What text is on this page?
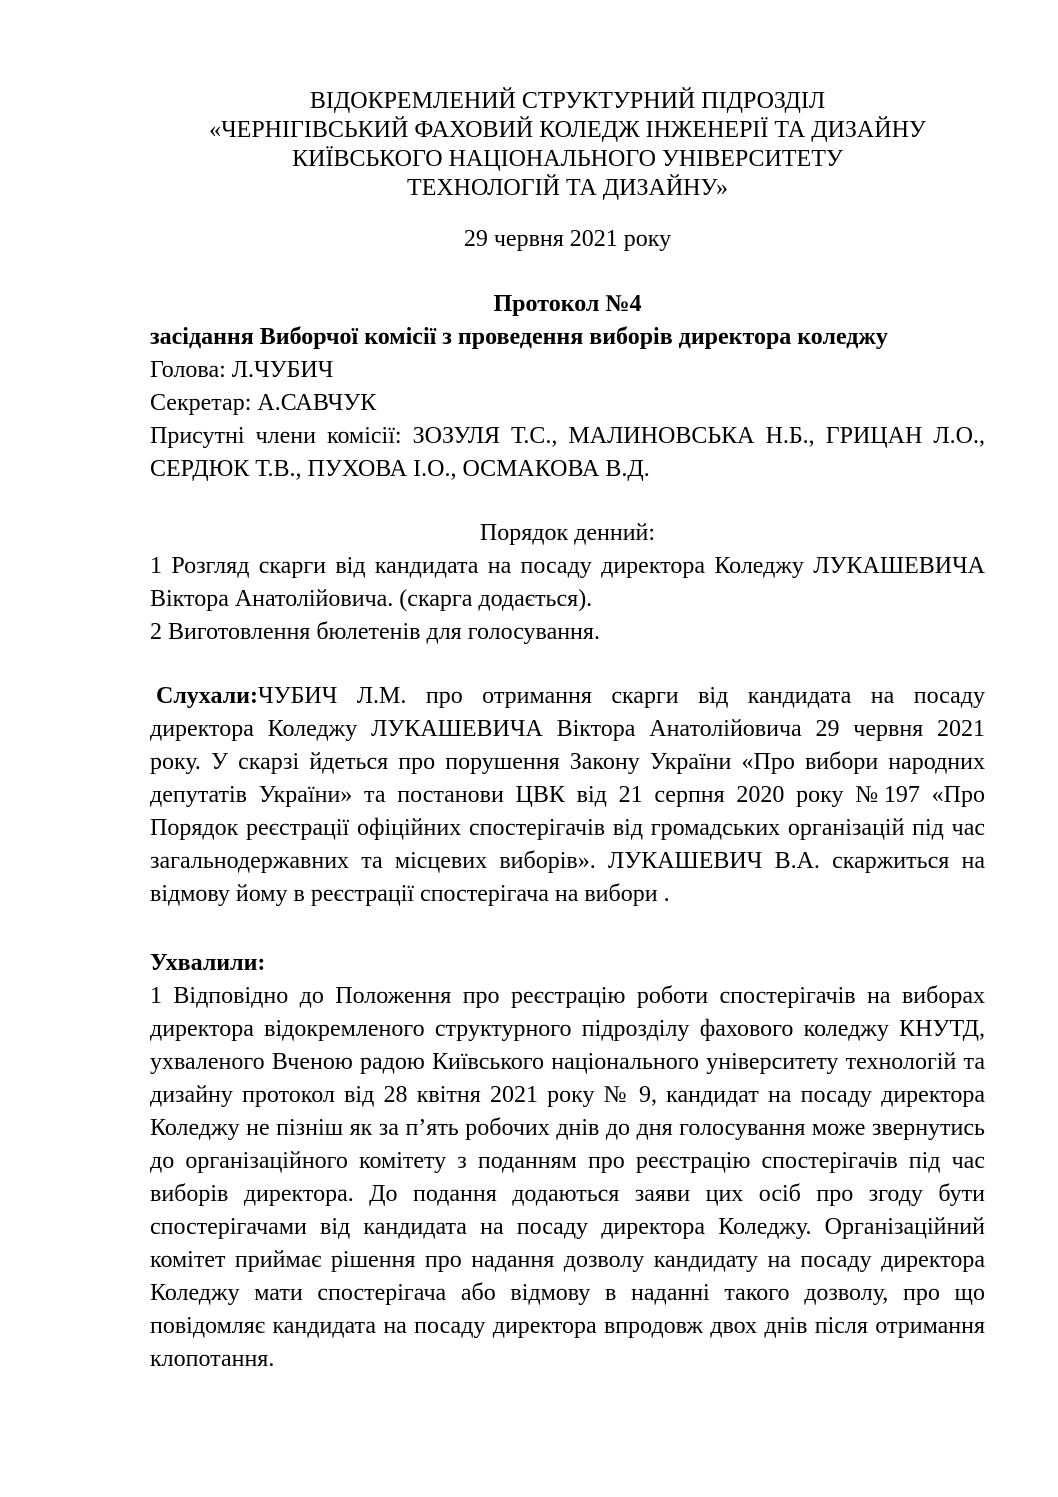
ВІДОКРЕМЛЕНИЙ СТРУКТУРНИЙ ПІДРОЗДІЛ
«ЧЕРНІГІВСЬКИЙ ФАХОВИЙ КОЛЕДЖ ІНЖЕНЕРІЇ ТА ДИЗАЙНУ
КИЇВСЬКОГО НАЦІОНАЛЬНОГО УНІВЕРСИТЕТУ
ТЕХНОЛОГІЙ ТА ДИЗАЙНУ»
29 червня 2021 року
Протокол №4
засідання Виборчої комісії з проведення виборів директора коледжу

Голова: Л.ЧУБИЧ

Секретар: А.САВЧУК

Присутні члени комісії: ЗОЗУЛЯ Т.С., МАЛИНОВСЬКА Н.Б., ГРИЦАН Л.О., СЕРДЮК Т.В., ПУХОВА І.О., ОСМАКОВА В.Д.

Порядок денний:

1 Розгляд скарги від кандидата на посаду директора Коледжу ЛУКАШЕВИЧА Віктора Анатолійовича. (скарга додається).

2 Виготовлення бюлетенів для голосування.

Слухали:ЧУБИЧ Л.М. про отримання скарги від кандидата на посаду директора Коледжу ЛУКАШЕВИЧА Віктора Анатолійовича 29 червня 2021 року. У скарзі йдеться про порушення Закону України «Про вибори народних депутатів України» та постанови ЦВК від 21 серпня 2020 року №197 «Про Порядок реєстрації офіційних спостерігачів від громадських організацій під час загальнодержавних та місцевих виборів». ЛУКАШЕВИЧ В.А. скаржиться на відмову йому в реєстрації спостерігача на вибори .

Ухвалили:

1 Відповідно до Положення про реєстрацію роботи спостерігачів на виборах директора відокремленого структурного підрозділу фахового коледжу КНУТД, ухваленого Вченою радою Київського національного університету технологій та дизайну протокол від 28 квітня 2021 року № 9, кандидат на посаду директора Коледжу не пізніш як за п’ять робочих днів до дня голосування може звернутись до організаційного комітету з поданням про реєстрацію спостерігачів під час виборів директора. До подання додаються заяви цих осіб про згоду бути спостерігачами від кандидата на посаду директора Коледжу. Організаційний комітет приймає рішення про надання дозволу кандидату на посаду директора Коледжу мати спостерігача або відмову в наданні такого дозволу, про що повідомляє кандидата на посаду директора впродовж двох днів після отримання клопотання.
